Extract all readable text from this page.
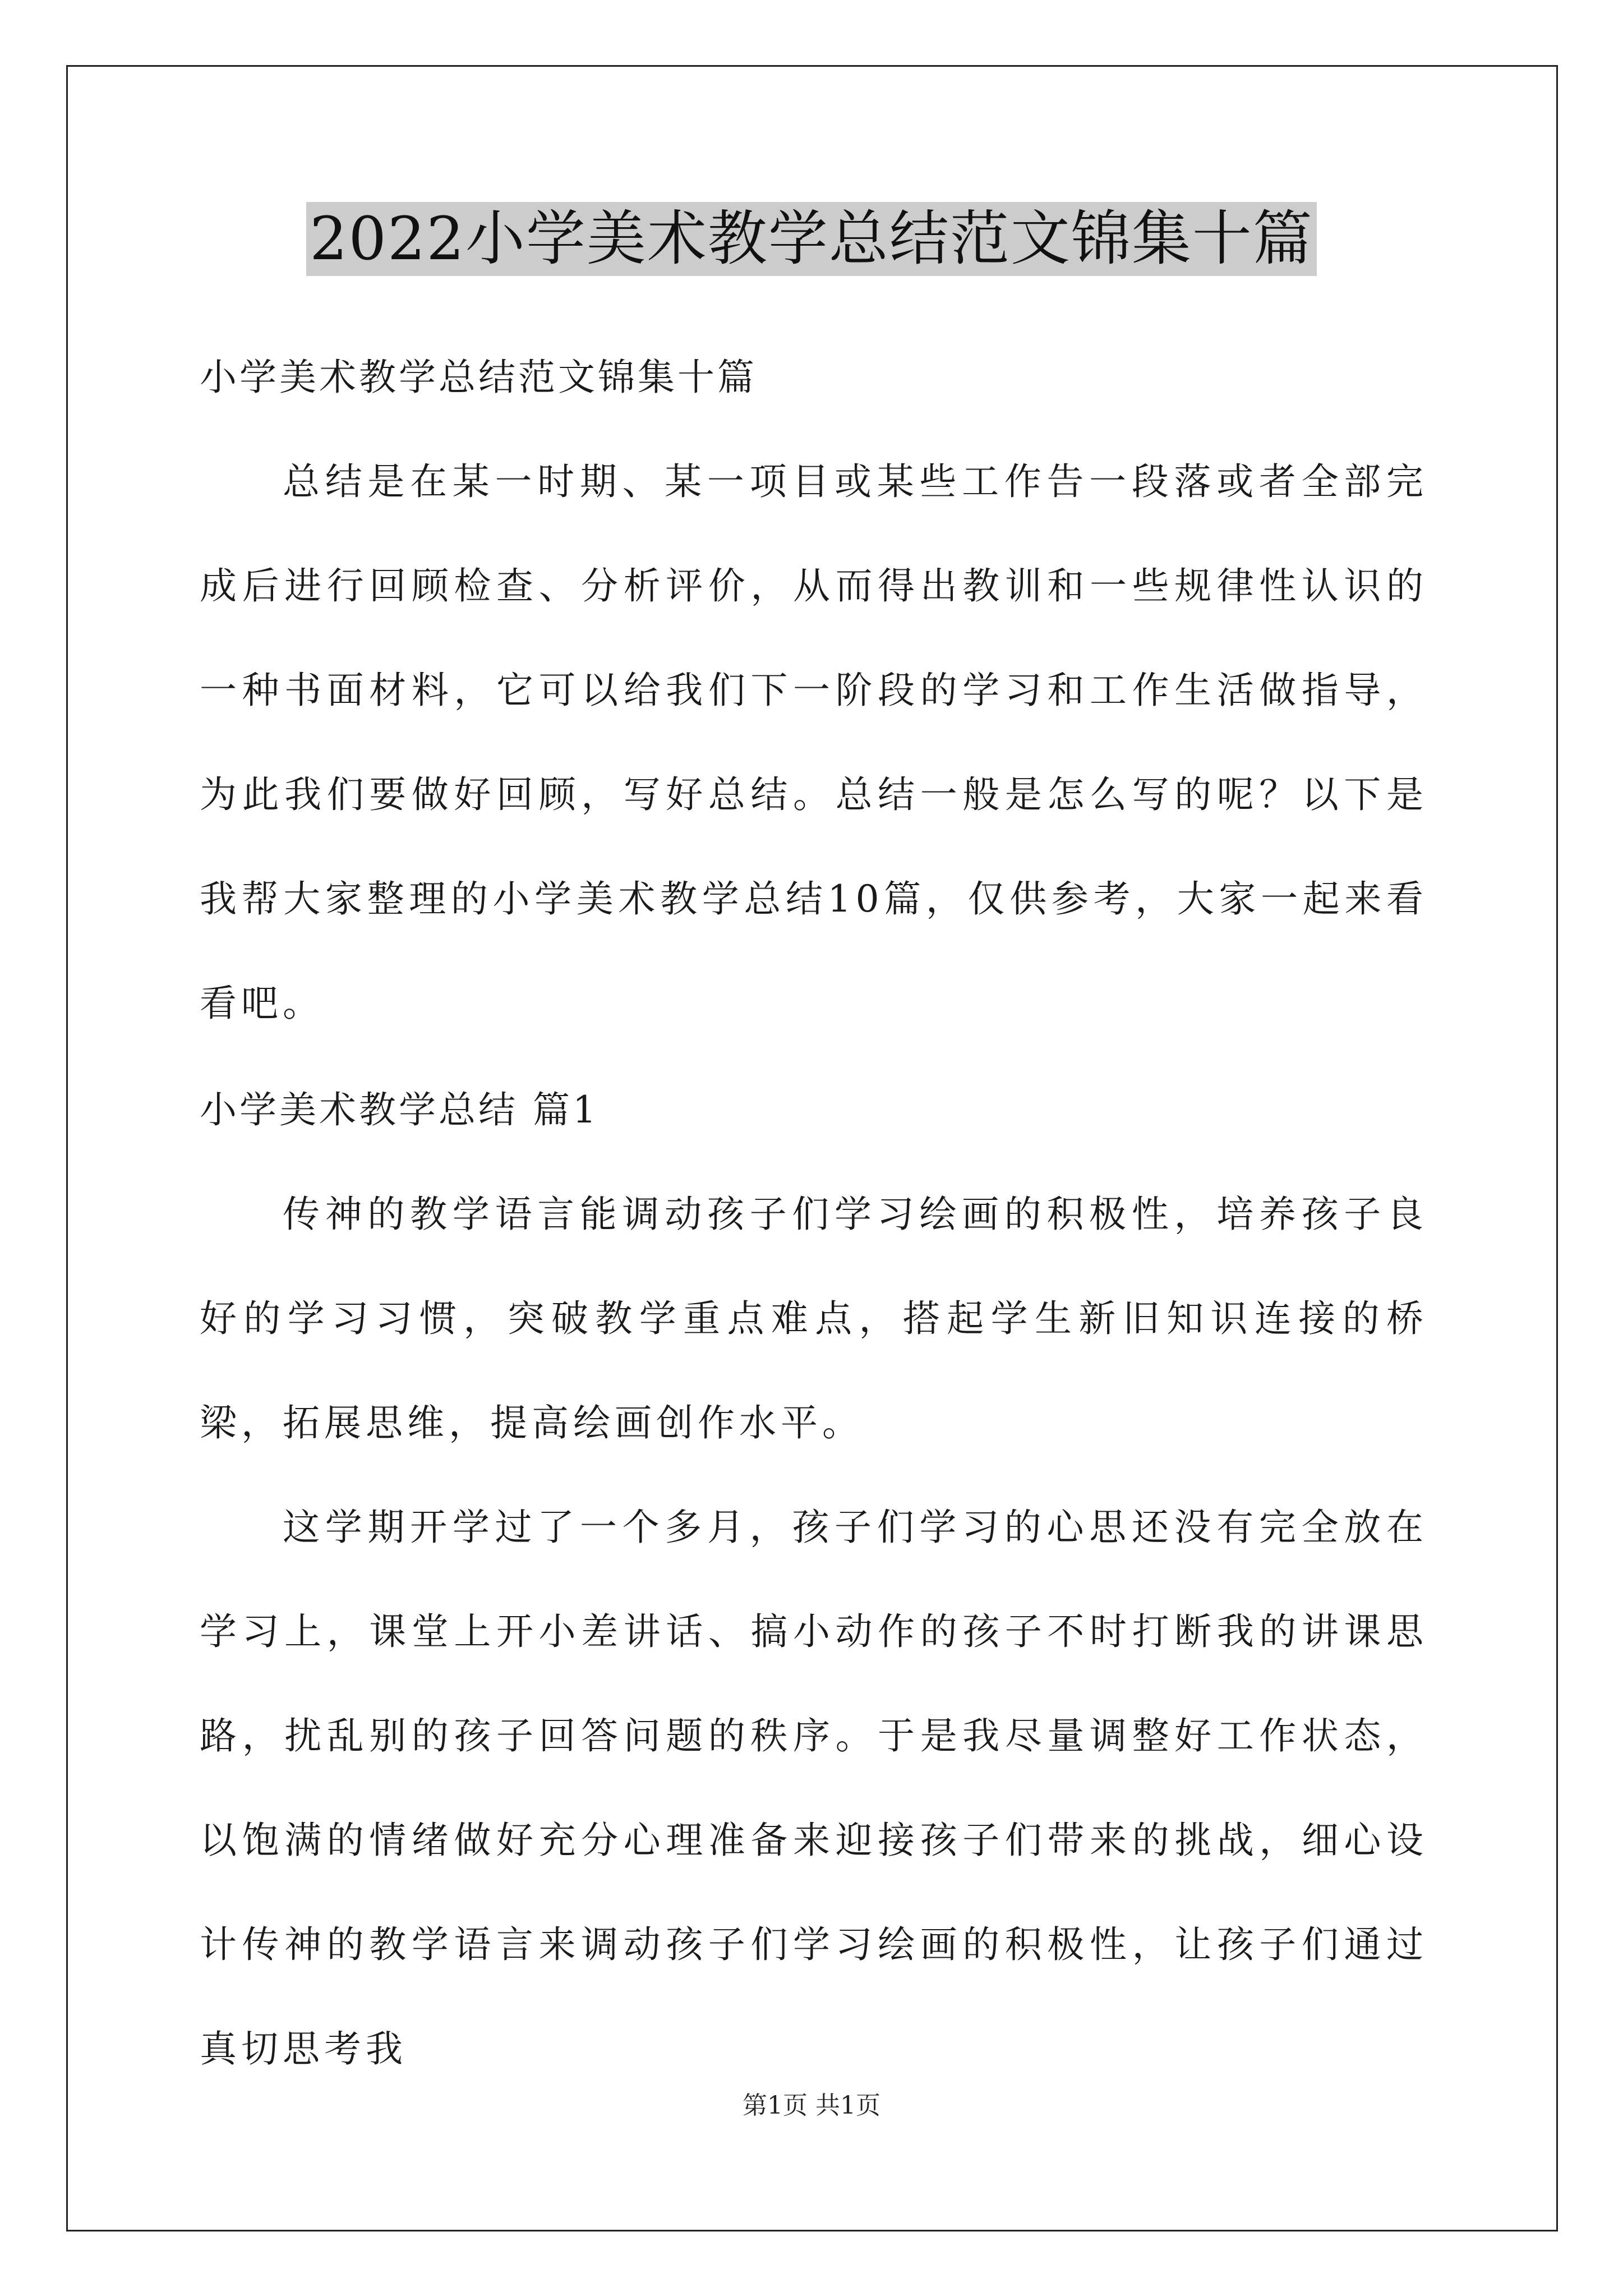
2022小学美术教学总结范文锦集十篇

小学美术教学总结范文锦集十篇

总结是在某一时期、某一项目或某些工作告一段落或者全部完成后进行回顾检查、分析评价，从而得出教训和一些规律性认识的一种书面材料，它可以给我们下一阶段的学习和工作生活做指导，为此我们要做好回顾，写好总结。总结一般是怎么写的呢？以下是我帮大家整理的小学美术教学总结10篇，仅供参考，大家一起来看看吧。

小学美术教学总结 篇1

传神的教学语言能调动孩子们学习绘画的积极性，培养孩子良好的学习习惯，突破教学重点难点，搭起学生新旧知识连接的桥梁，拓展思维，提高绘画创作水平。

这学期开学过了一个多月，孩子们学习的心思还没有完全放在学习上，课堂上开小差讲话、搞小动作的孩子不时打断我的讲课思路，扰乱别的孩子回答问题的秩序。于是我尽量调整好工作状态，以饱满的情绪做好充分心理准备来迎接孩子们带来的挑战，细心设计传神的教学语言来调动孩子们学习绘画的积极性，让孩子们通过真切思考我

第1页 共1页
